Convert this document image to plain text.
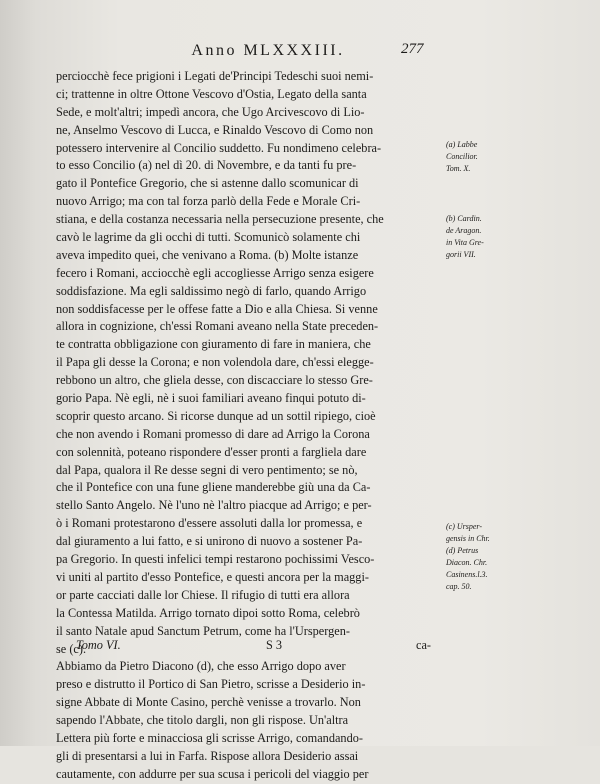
Anno MLXXXIII.	277
perciocchè fece prigioni i Legati de'Principi Tedeschi suoi nemi-
ci; trattenne in oltre Ottone Vescovo d'Ostia, Legato della santa
Sede, e molt'altri; impedì ancora, che Ugo Arcivescovo di Lio-
ne, Anselmo Vescovo di Lucca, e Rinaldo Vescovo di Como non
potessero intervenire al Concilio suddetto. Fu nondimeno celebra-
to esso Concilio (a) nel dì 20. di Novembre, e da tanti fu pre-
gato il Pontefice Gregorio, che si astenne dallo scomunicar di
nuovo Arrigo; ma con tal forza parlò della Fede e Morale Cri-
stiana, e della costanza necessaria nella persecuzione presente, che
cavò le lagrime da gli occhi di tutti. Scomunicò solamente chi
aveva impedito quei, che venivano a Roma. (b) Molte istanze
fecero i Romani, acciocchè egli accogliesse Arrigo senza esigere
soddisfazione. Ma egli saldissimo negò di farlo, quando Arrigo
non soddisfacesse per le offese fatte a Dio e alla Chiesa. Si venne
allora in cognizione, ch'essi Romani aveano nella State preceden-
te contratta obbligazione con giuramento di fare in maniera, che
il Papa gli desse la Corona; e non volendola dare, ch'essi elegge-
rebbono un altro, che gliela desse, con discacciare lo stesso Gre-
gorio Papa. Nè egli, nè i suoi familiari aveano finqui potuto di-
scoprir questo arcano. Si ricorse dunque ad un sottil ripiego, cioè
che non avendo i Romani promesso di dare ad Arrigo la Corona
con solennità, poteano rispondere d'esser pronti a fargliela dare
dal Papa, qualora il Re desse segni di vero pentimento; se nò,
che il Pontefice con una fune gliene manderebbe giù una da Ca-
stello Santo Angelo. Nè l'uno nè l'altro piacque ad Arrigo; e per-
ò i Romani protestarono d'essere assoluti dalla lor promessa, e
dal giuramento a lui fatto, e si unirono di nuovo a sostener Pa-
pa Gregorio. In questi infelici tempi restarono pochissimi Vesco-
vi uniti al partito d'esso Pontefice, e questi ancora per la maggi-
or parte cacciati dalle lor Chiese. Il rifugio di tutti era allora
la Contessa Matilda. Arrigo tornato dipoi sotto Roma, celebrò
il santo Natale apud Sanctum Petrum, come ha l'Urspergen-
se (c).
Abbiamo da Pietro Diacono (d), che esso Arrigo dopo aver
preso e distrutto il Portico di San Pietro, scrisse a Desiderio in-
signe Abbate di Monte Casino, perchè venisse a trovarlo. Non
sapendo l'Abbate, che titolo dargli, non gli rispose. Un'altra
Lettera più forte e minacciosa gli scrisse Arrigo, comandando-
gli di presentarsi a lui in Farfa. Rispose allora Desiderio assai
cautamente, con addurre per sua scusa i pericoli del viaggio per
(a) Labbe
Concilior.
Tom. X.
(b) Cardin.
de Aragon.
in Vita Gre-
gorii VII.
(c) Ursper-
gensis in Chr.
(d) Petrus
Diacon. Chr.
Casinens.l.3.
cap. 50.
Tomo VI.	S 3	ca-
